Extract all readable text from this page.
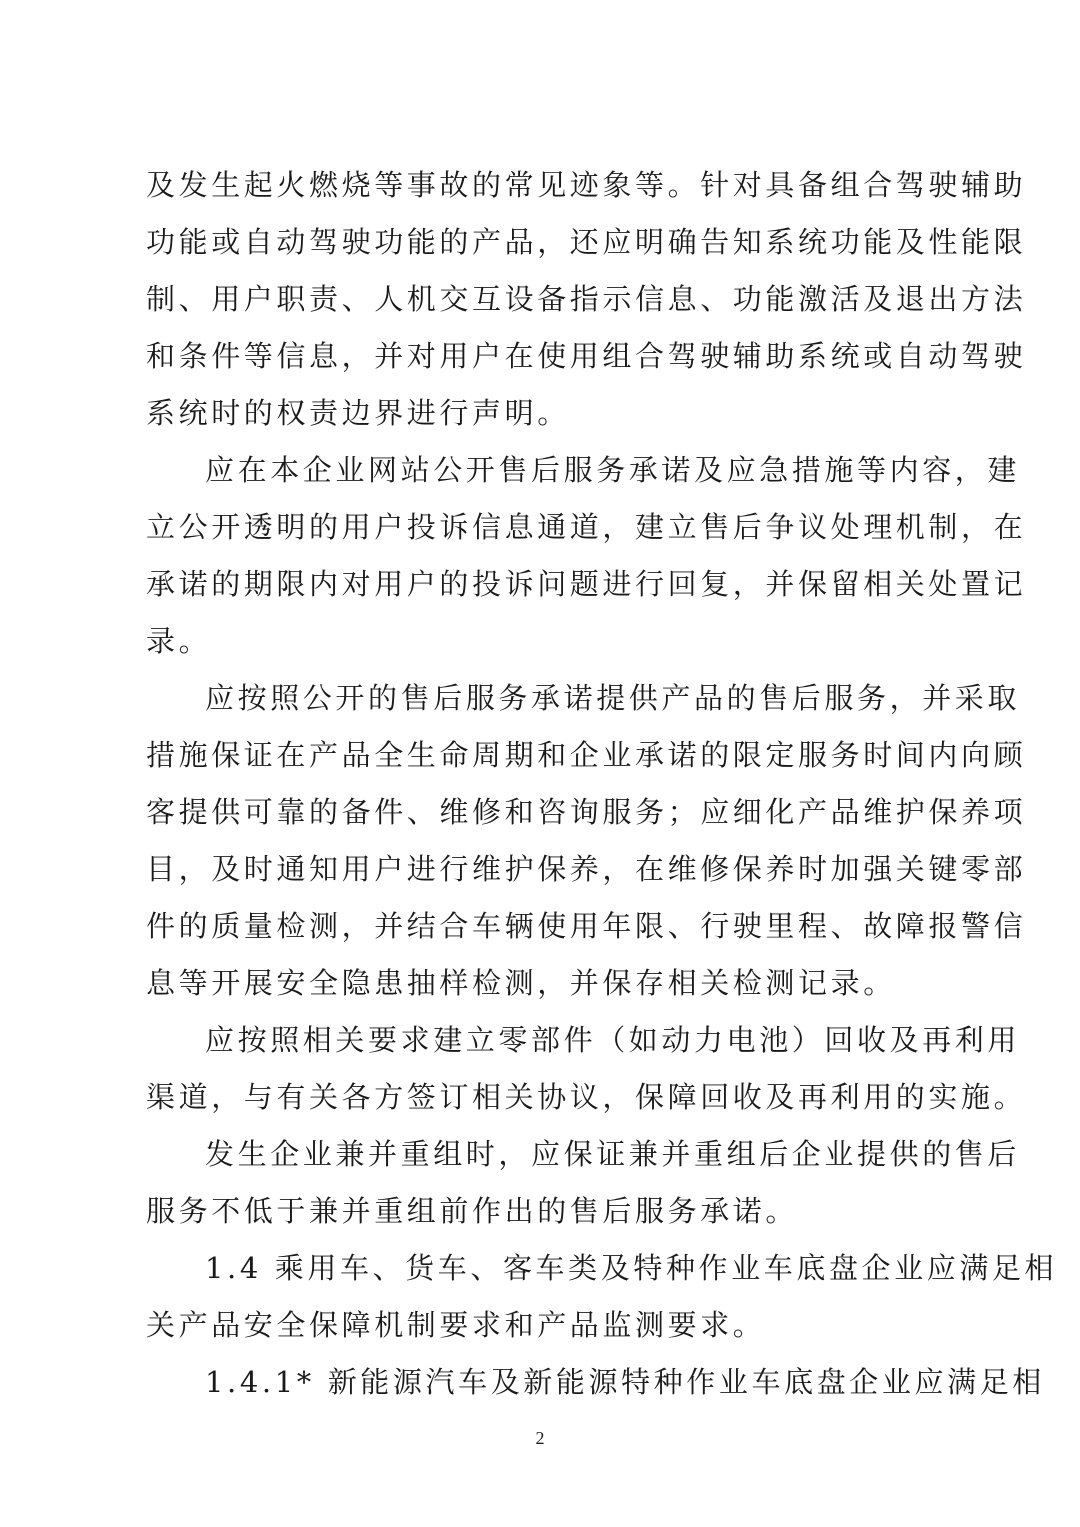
及发生起火燃烧等事故的常见迹象等。针对具备组合驾驶辅助
功能或自动驾驶功能的产品，还应明确告知系统功能及性能限
制、用户职责、人机交互设备指示信息、功能激活及退出方法
和条件等信息，并对用户在使用组合驾驶辅助系统或自动驾驶
系统时的权责边界进行声明。
应在本企业网站公开售后服务承诺及应急措施等内容，建
立公开透明的用户投诉信息通道，建立售后争议处理机制，在
承诺的期限内对用户的投诉问题进行回复，并保留相关处置记
录。
应按照公开的售后服务承诺提供产品的售后服务，并采取
措施保证在产品全生命周期和企业承诺的限定服务时间内向顾
客提供可靠的备件、维修和咨询服务；应细化产品维护保养项
目，及时通知用户进行维护保养，在维修保养时加强关键零部
件的质量检测，并结合车辆使用年限、行驶里程、故障报警信
息等开展安全隐患抽样检测，并保存相关检测记录。
应按照相关要求建立零部件（如动力电池）回收及再利用
渠道，与有关各方签订相关协议，保障回收及再利用的实施。
发生企业兼并重组时，应保证兼并重组后企业提供的售后
服务不低于兼并重组前作出的售后服务承诺。
1.4 乘用车、货车、客车类及特种作业车底盘企业应满足相
关产品安全保障机制要求和产品监测要求。
1.4.1* 新能源汽车及新能源特种作业车底盘企业应满足相
2
